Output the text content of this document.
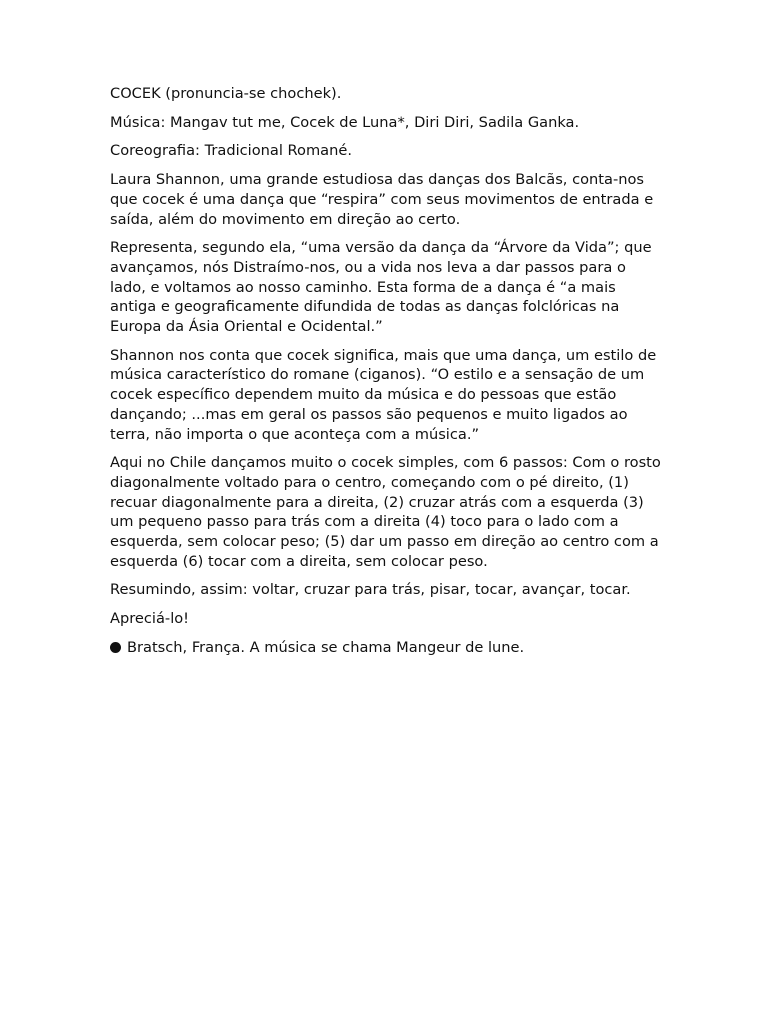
COCEK (pronuncia-se chochek).

Música: Mangav tut me, Cocek de Luna*, Diri Diri, Sadila Ganka.

Coreografia: Tradicional Romané.

Laura Shannon, uma grande estudiosa das danças dos Balcãs, conta-nos que cocek é uma dança que “respira” com seus movimentos de entrada e saída, além do movimento em direção ao certo.

Representa, segundo ela, “uma versão da dança da “Árvore da Vida”; que avançamos, nós Distraímo-nos, ou a vida nos leva a dar passos para o lado, e voltamos ao nosso caminho. Esta forma de a dança é “a mais antiga e geograficamente difundida de todas as danças folclóricas na Europa da Ásia Oriental e Ocidental.”

Shannon nos conta que cocek significa, mais que uma dança, um estilo de música característico do romane (ciganos). “O estilo e a sensação de um cocek específico dependem muito da música e do pessoas que estão dançando; ...mas em geral os passos são pequenos e muito ligados ao terra, não importa o que aconteça com a música.”

Aqui no Chile dançamos muito o cocek simples, com 6 passos: Com o rosto diagonalmente voltado para o centro, começando com o pé direito, (1) recuar diagonalmente para a direita, (2) cruzar atrás com a esquerda (3) um pequeno passo para trás com a direita (4) toco para o lado com a esquerda, sem colocar peso; (5) dar um passo em direção ao centro com a esquerda (6) tocar com a direita, sem colocar peso.

Resumindo, assim: voltar, cruzar para trás, pisar, tocar, avançar, tocar.

Apreciá-lo!

Bratsch, França. A música se chama Mangeur de lune.
